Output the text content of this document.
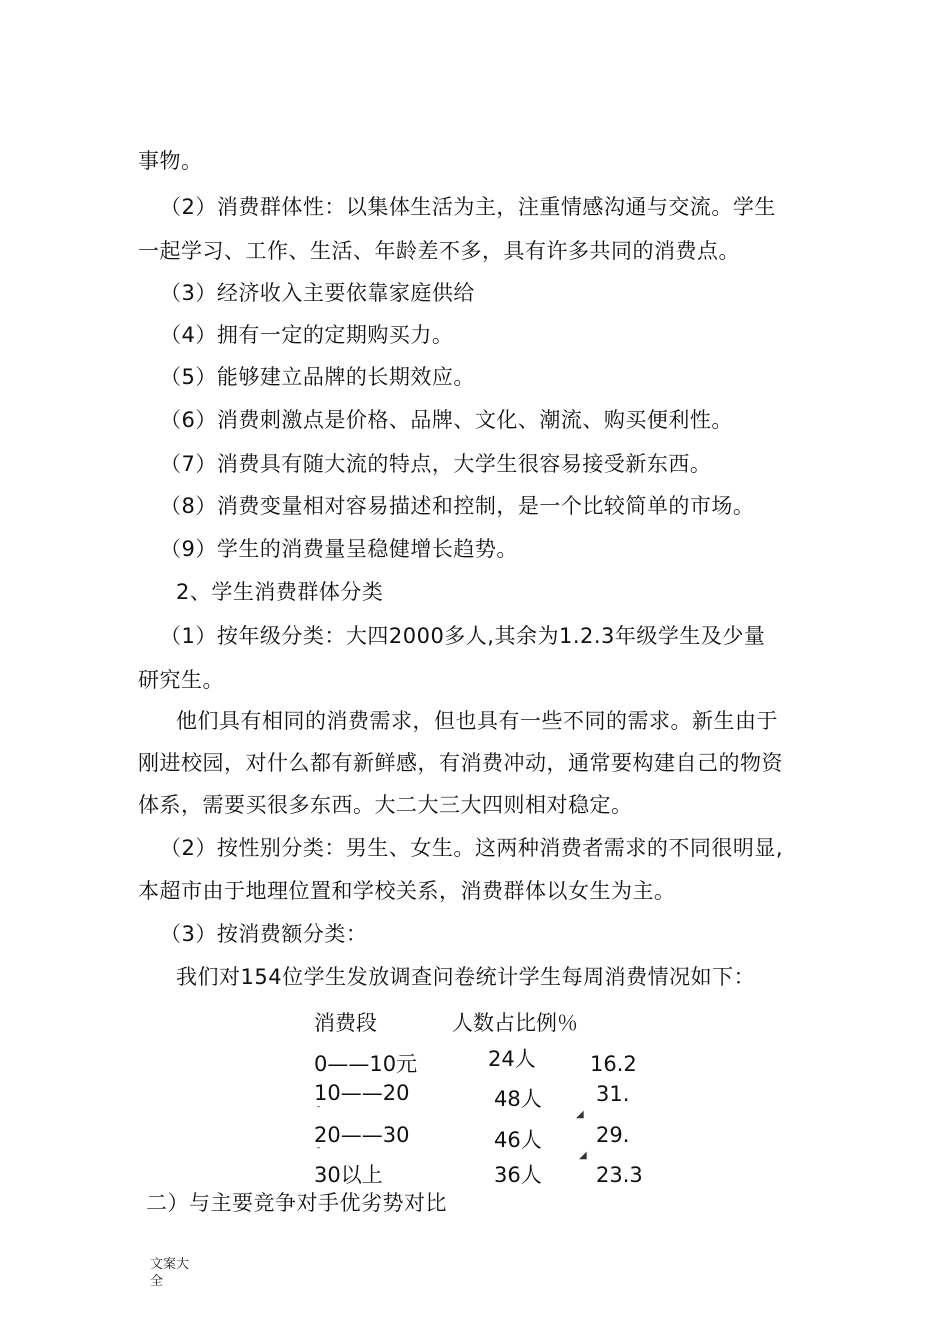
事物。
（2）消费群体性：以集体生活为主，注重情感沟通与交流。学生
一起学习、工作、生活、年龄差不多，具有许多共同的消费点。
（3）经济收入主要依靠家庭供给
（4）拥有一定的定期购买力。
（5）能够建立品牌的长期效应。
（6）消费刺激点是价格、品牌、文化、潮流、购买便利性。
（7）消费具有随大流的特点，大学生很容易接受新东西。
（8）消费变量相对容易描述和控制，是一个比较简单的市场。
（9）学生的消费量呈稳健增长趋势。
2、学生消费群体分类
（1）按年级分类：大四2000多人,其余为1.2.3年级学生及少量
研究生。
他们具有相同的消费需求，但也具有一些不同的需求。新生由于
刚进校园，对什么都有新鲜感，有消费冲动，通常要构建自己的物资
体系，需要买很多东西。大二大三大四则相对稳定。
（2）按性别分类：男生、女生。这两种消费者需求的不同很明显,
本超市由于地理位置和学校关系，消费群体以女生为主。
（3）按消费额分类：
我们对154位学生发放调查问卷统计学生每周消费情况如下：
消费段	人数占比例％
0——10元	24人	16.2
10——20	48人	31.
20——30	46人	29.
30以上	36人	23.3
¯
¯
◢
◢
二）与主要竞争对手优劣势对比
文案大
全
